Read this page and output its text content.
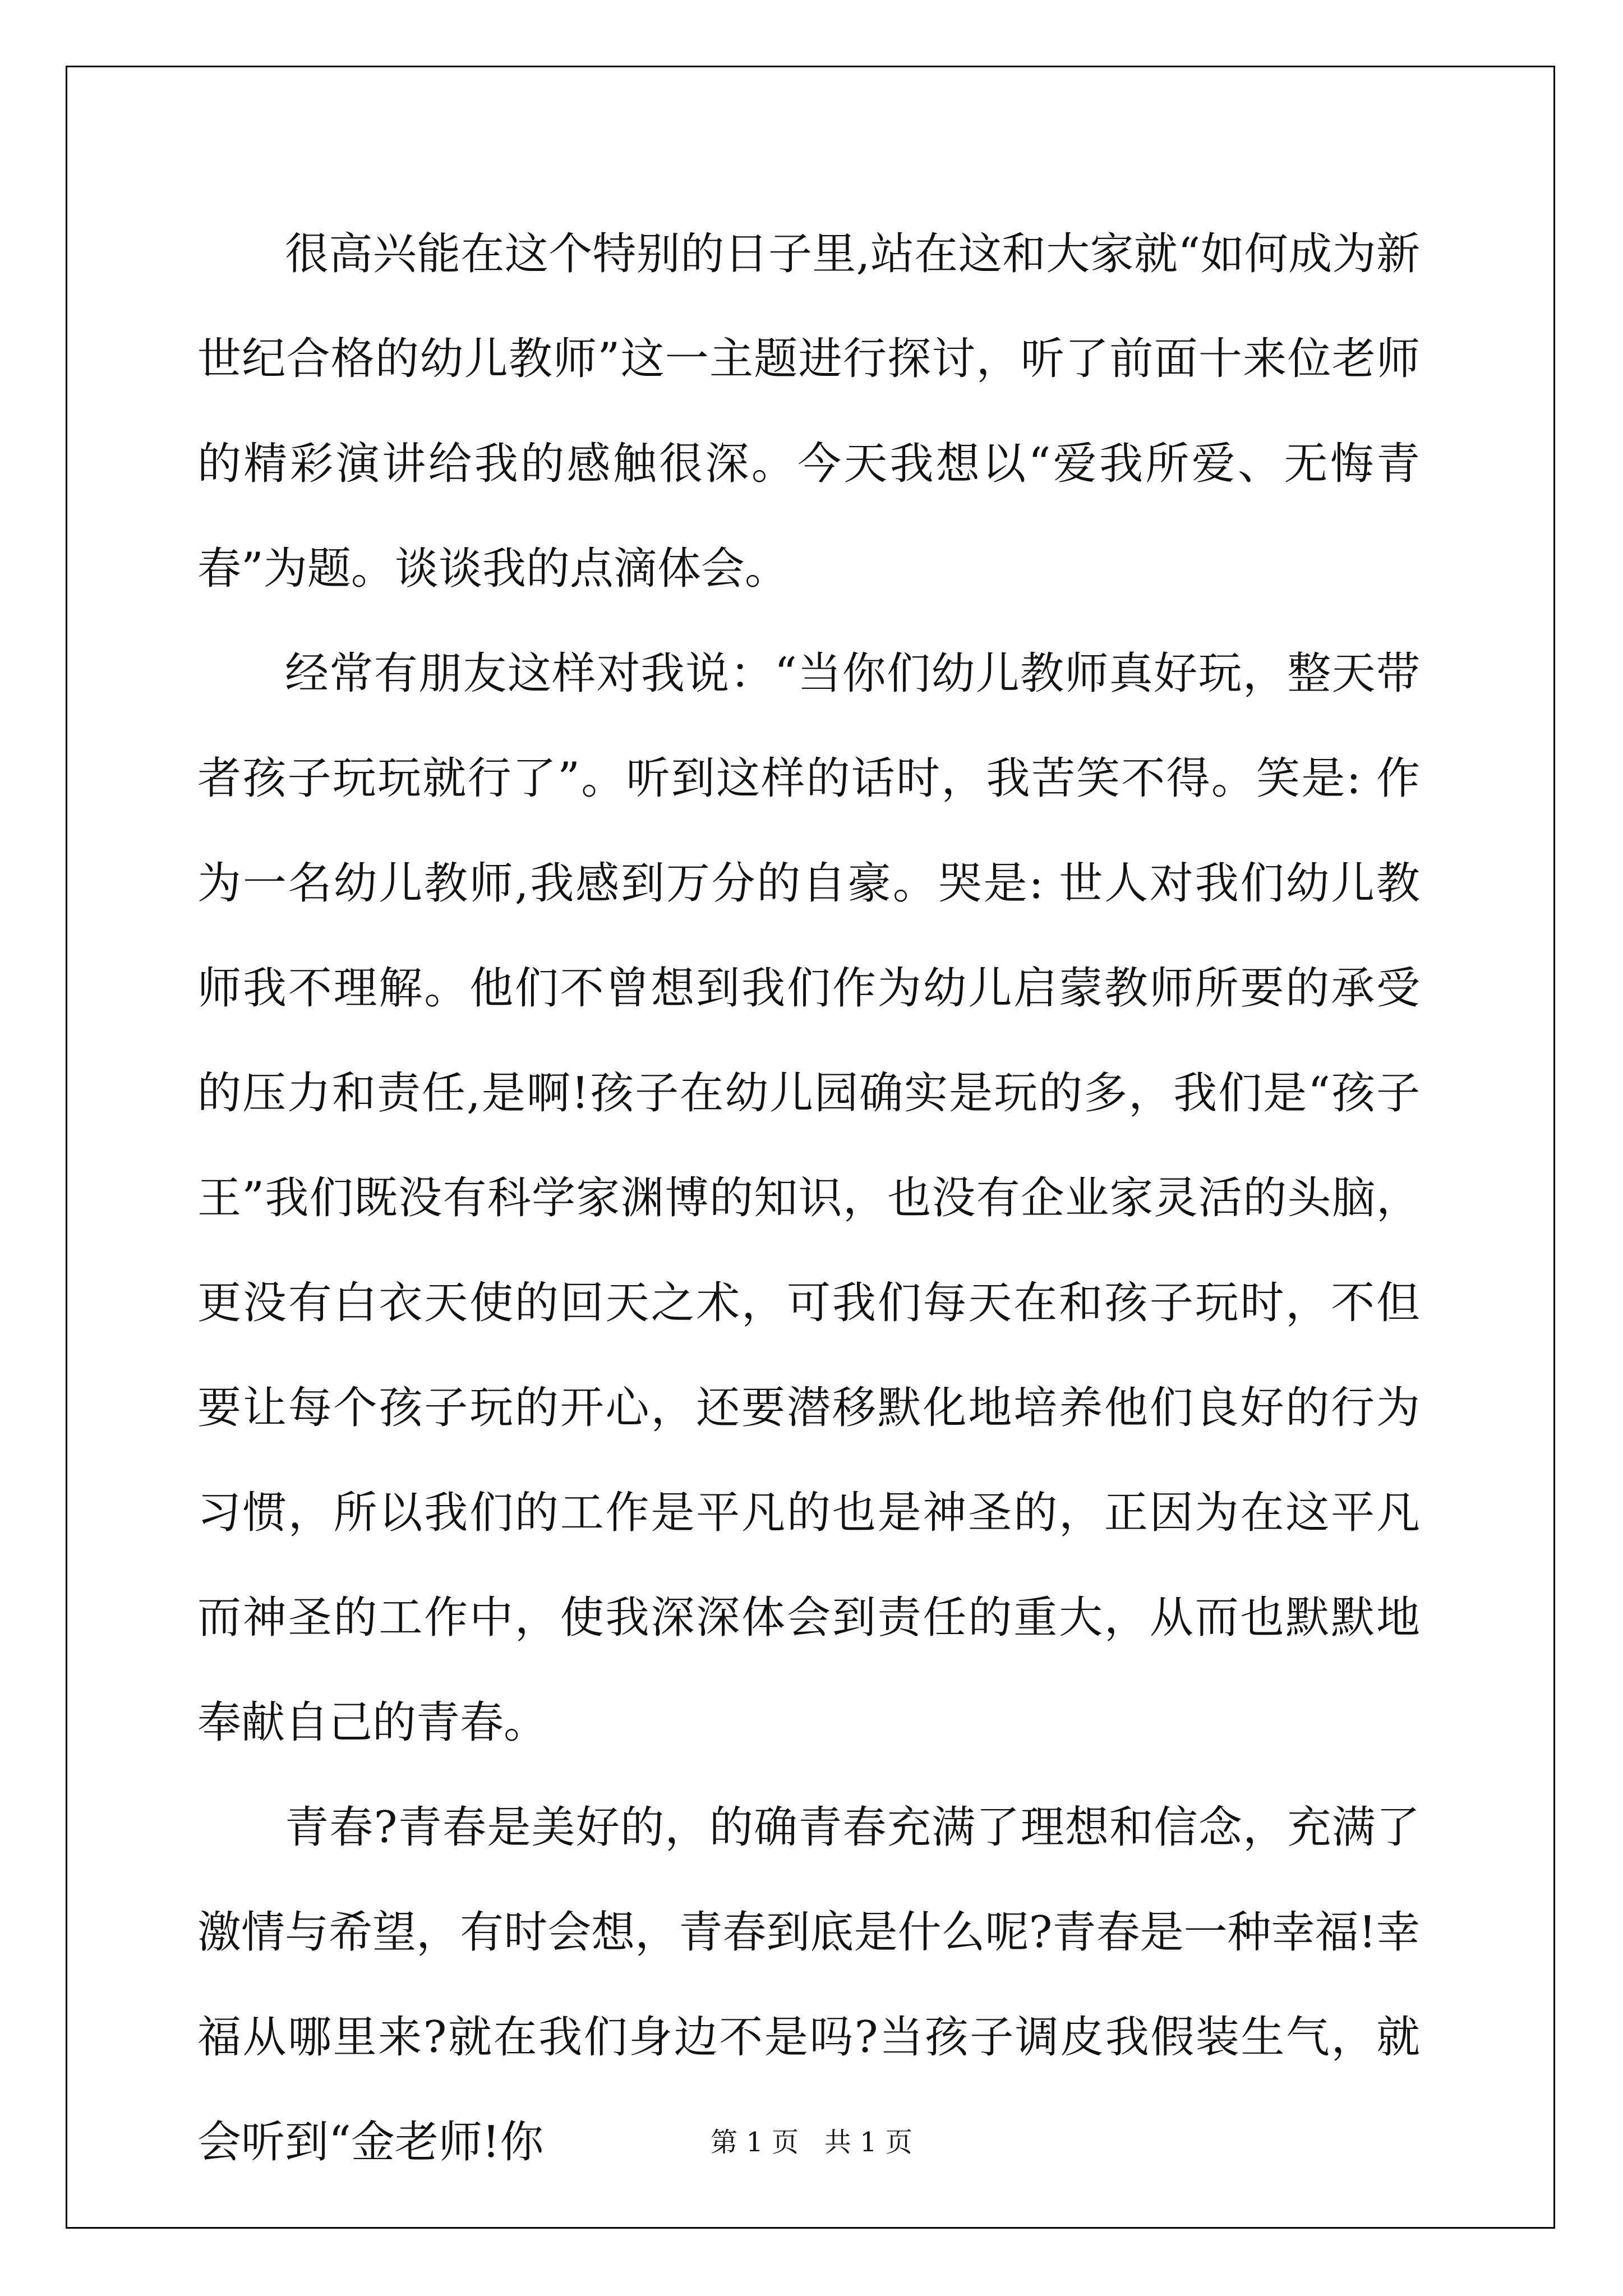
很高兴能在这个特别的日子里,站在这和大家就“如何成为新世纪合格的幼儿教师”这一主题进行探讨，听了前面十来位老师的精彩演讲给我的感触很深。今天我想以“爱我所爱、无悔青春”为题。谈谈我的点滴体会。

经常有朋友这样对我说：“当你们幼儿教师真好玩，整天带者孩子玩玩就行了”。听到这样的话时，我苦笑不得。笑是: 作为一名幼儿教师,我感到万分的自豪。哭是: 世人对我们幼儿教师我不理解。他们不曾想到我们作为幼儿启蒙教师所要的承受的压力和责任,是啊!孩子在幼儿园确实是玩的多，我们是“孩子王”我们既没有科学家渊博的知识，也没有企业家灵活的头脑，更没有白衣天使的回天之术，可我们每天在和孩子玩时，不但要让每个孩子玩的开心，还要潜移默化地培养他们良好的行为习惯，所以我们的工作是平凡的也是神圣的，正因为在这平凡而神圣的工作中，使我深深体会到责任的重大，从而也默默地奉献自己的青春。

青春?青春是美好的，的确青春充满了理想和信念，充满了激情与希望，有时会想，青春到底是什么呢?青春是一种幸福!幸福从哪里来?就在我们身边不是吗?当孩子调皮我假装生气，就会听到“金老师!你	第 1 页   共 1 页
